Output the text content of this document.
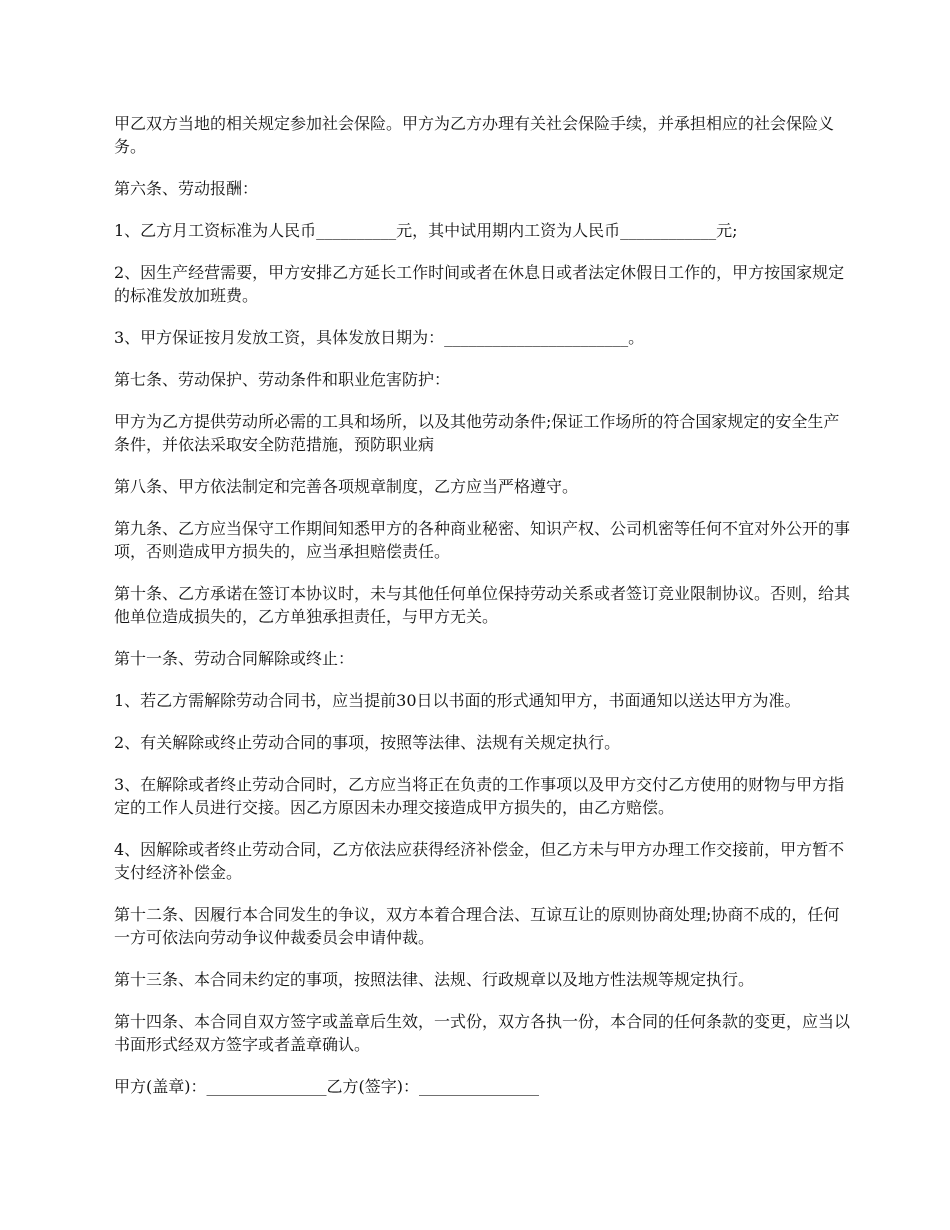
甲乙双方当地的相关规定参加社会保险。甲方为乙方办理有关社会保险手续，并承担相应的社会保险义务。

第六条、劳动报酬：

1、乙方月工资标准为人民币__________元，其中试用期内工资为人民币____________元;

2、因生产经营需要，甲方安排乙方延长工作时间或者在休息日或者法定休假日工作的，甲方按国家规定的标准发放加班费。

3、甲方保证按月发放工资，具体发放日期为：_______________________。

第七条、劳动保护、劳动条件和职业危害防护：

甲方为乙方提供劳动所必需的工具和场所，以及其他劳动条件;保证工作场所的符合国家规定的安全生产条件，并依法采取安全防范措施，预防职业病

第八条、甲方依法制定和完善各项规章制度，乙方应当严格遵守。

第九条、乙方应当保守工作期间知悉甲方的各种商业秘密、知识产权、公司机密等任何不宜对外公开的事项，否则造成甲方损失的，应当承担赔偿责任。

第十条、乙方承诺在签订本协议时，未与其他任何单位保持劳动关系或者签订竞业限制协议。否则，给其他单位造成损失的，乙方单独承担责任，与甲方无关。

第十一条、劳动合同解除或终止：

1、若乙方需解除劳动合同书，应当提前30日以书面的形式通知甲方，书面通知以送达甲方为准。

2、有关解除或终止劳动合同的事项，按照等法律、法规有关规定执行。

3、在解除或者终止劳动合同时，乙方应当将正在负责的工作事项以及甲方交付乙方使用的财物与甲方指定的工作人员进行交接。因乙方原因未办理交接造成甲方损失的，由乙方赔偿。

4、因解除或者终止劳动合同，乙方依法应获得经济补偿金，但乙方未与甲方办理工作交接前，甲方暂不支付经济补偿金。

第十二条、因履行本合同发生的争议，双方本着合理合法、互谅互让的原则协商处理;协商不成的，任何一方可依法向劳动争议仲裁委员会申请仲裁。

第十三条、本合同未约定的事项，按照法律、法规、行政规章以及地方性法规等规定执行。

第十四条、本合同自双方签字或盖章后生效，一式份，双方各执一份，本合同的任何条款的变更，应当以书面形式经双方签字或者盖章确认。

甲方(盖章)：_______________乙方(签字)：_______________
